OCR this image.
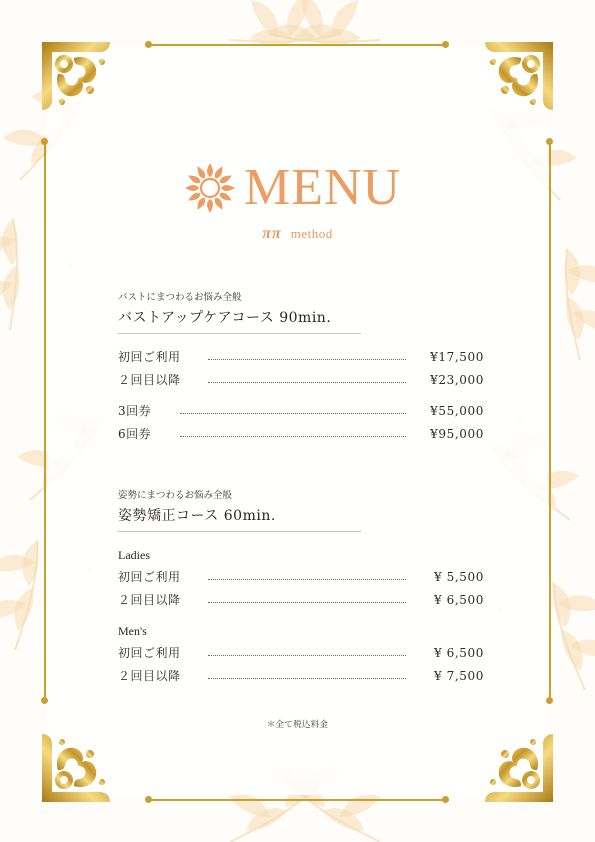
MENU
ππ method
バストにまつわるお悩み全般
バストアップケアコース 90min.
初回ご利用	¥17,500
２回目以降	¥23,000
3回券	¥55,000
6回券	¥95,000
姿勢にまつわるお悩み全般
姿勢矯正コース 60min.
Ladies
初回ご利用	¥ 5,500
２回目以降	¥ 6,500
Men's
初回ご利用	¥ 6,500
２回目以降	¥ 7,500
＊全て税込料金
